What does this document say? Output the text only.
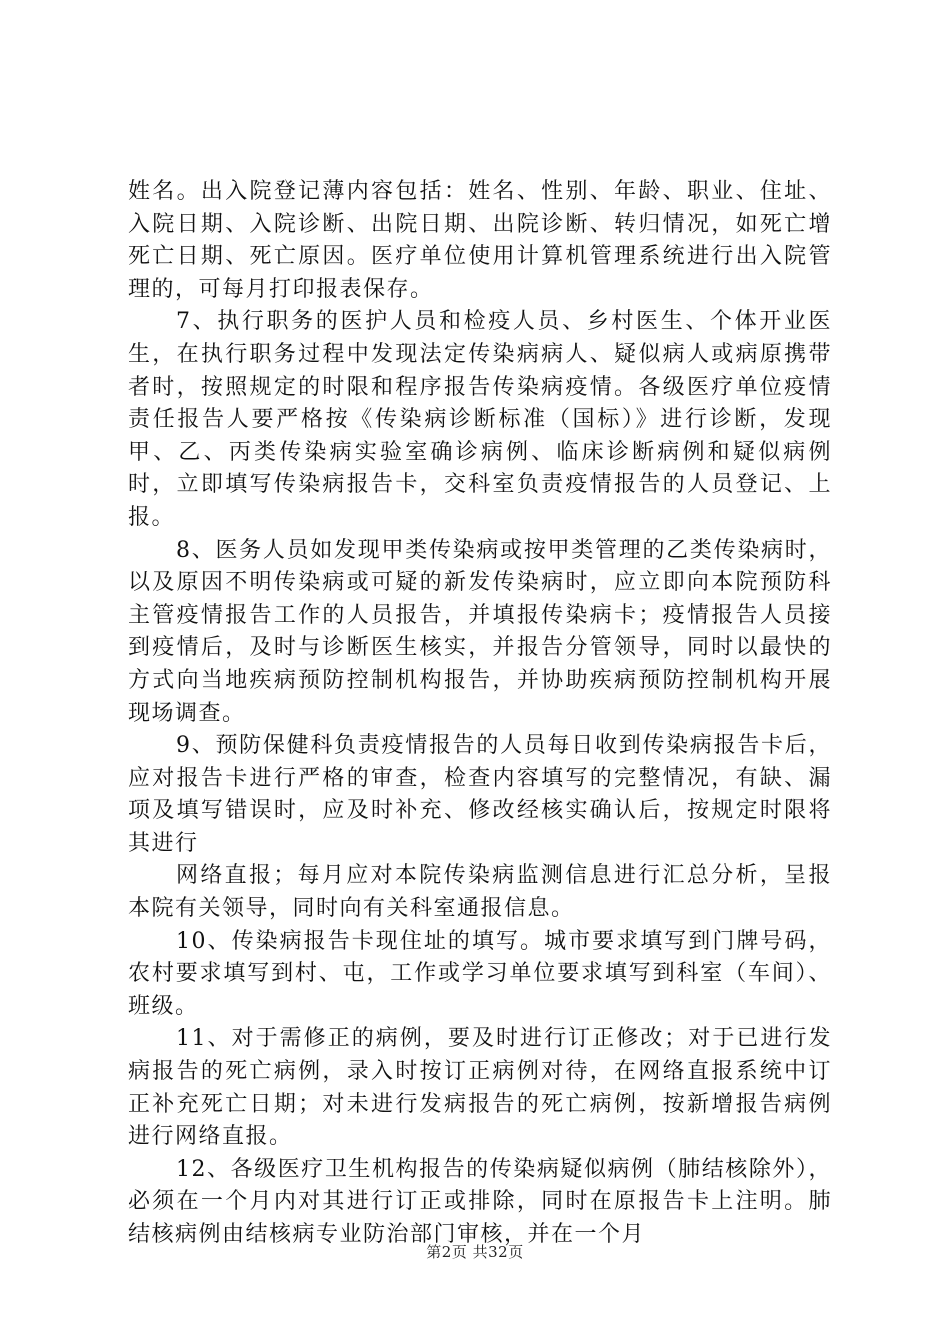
姓名。出入院登记薄内容包括：姓名、性别、年龄、职业、住址、入院日期、入院诊断、出院日期、出院诊断、转归情况，如死亡增死亡日期、死亡原因。医疗单位使用计算机管理系统进行出入院管理的，可每月打印报表保存。

7、执行职务的医护人员和检疫人员、乡村医生、个体开业医生，在执行职务过程中发现法定传染病病人、疑似病人或病原携带者时，按照规定的时限和程序报告传染病疫情。各级医疗单位疫情责任报告人要严格按《传染病诊断标准（国标）》进行诊断，发现甲、乙、丙类传染病实验室确诊病例、临床诊断病例和疑似病例时，立即填写传染病报告卡，交科室负责疫情报告的人员登记、上报。

8、医务人员如发现甲类传染病或按甲类管理的乙类传染病时，以及原因不明传染病或可疑的新发传染病时，应立即向本院预防科主管疫情报告工作的人员报告，并填报传染病卡；疫情报告人员接到疫情后，及时与诊断医生核实，并报告分管领导，同时以最快的方式向当地疾病预防控制机构报告，并协助疾病预防控制机构开展现场调查。

9、预防保健科负责疫情报告的人员每日收到传染病报告卡后，应对报告卡进行严格的审查，检查内容填写的完整情况，有缺、漏项及填写错误时，应及时补充、修改经核实确认后，按规定时限将其进行

网络直报；每月应对本院传染病监测信息进行汇总分析，呈报本院有关领导，同时向有关科室通报信息。

10、传染病报告卡现住址的填写。城市要求填写到门牌号码，农村要求填写到村、屯，工作或学习单位要求填写到科室（车间）、班级。

11、对于需修正的病例，要及时进行订正修改；对于已进行发病报告的死亡病例，录入时按订正病例对待，在网络直报系统中订正补充死亡日期；对未进行发病报告的死亡病例，按新增报告病例进行网络直报。

12、各级医疗卫生机构报告的传染病疑似病例（肺结核除外），必须在一个月内对其进行订正或排除，同时在原报告卡上注明。肺结核病例由结核病专业防治部门审核，并在一个月

第2页 共32页
